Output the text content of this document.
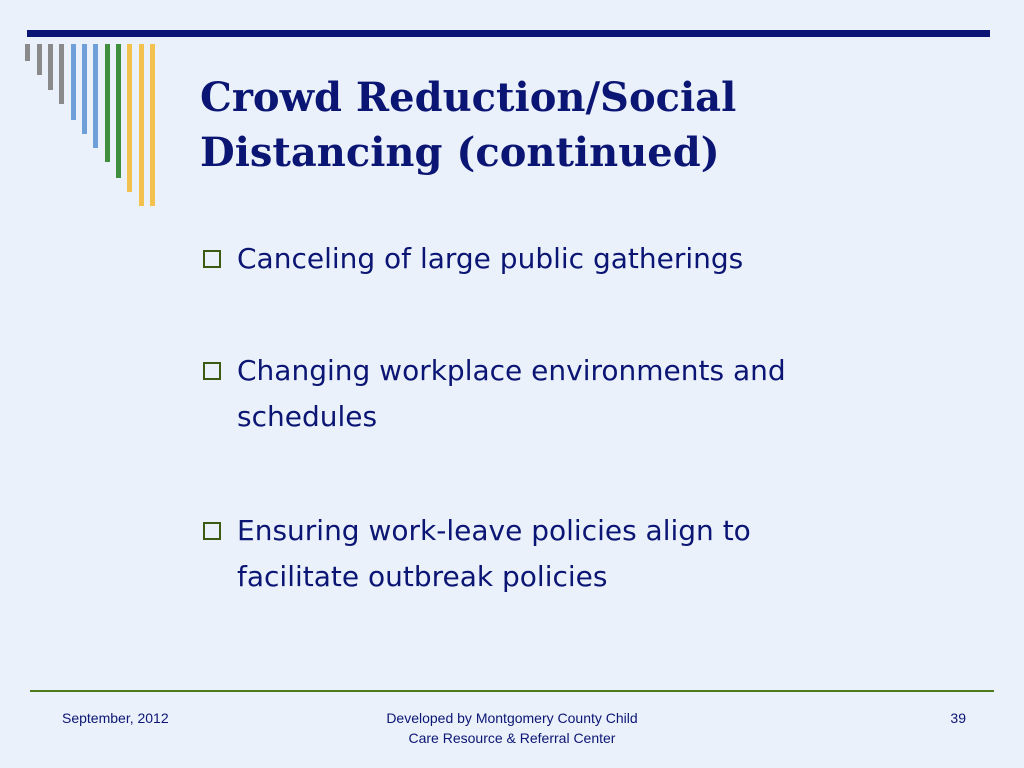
Crowd Reduction/Social
Distancing (continued)
Canceling of large public gatherings
Changing workplace environments and
schedules
Ensuring work-leave policies align to
facilitate outbreak policies
September, 2012	Developed by Montgomery County Child
Care Resource & Referral Center
39
